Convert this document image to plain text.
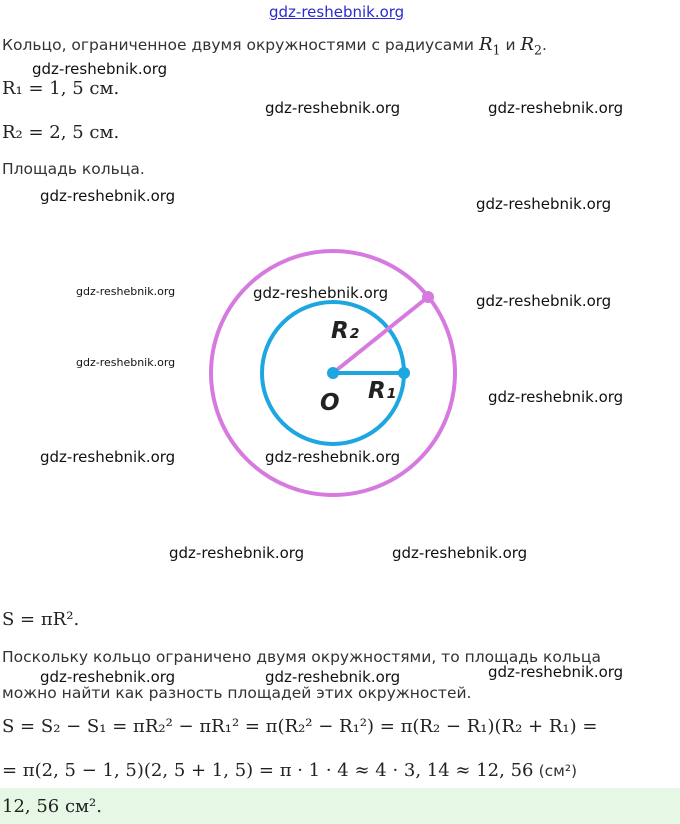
gdz-reshebnik.org
Кольцо, ограниченное двумя окружностями с радиусами $R_1$ и $R_2$.
gdz-reshebnik.org
R₁ = 1, 5 см.
gdz-reshebnik.org	gdz-reshebnik.org
R₂ = 2, 5 см.
Площадь кольца.
gdz-reshebnik.org	gdz-reshebnik.org
R₂
R₁
O
gdz-reshebnik.org	gdz-reshebnik.org	gdz-reshebnik.org
gdz-reshebnik.org
gdz-reshebnik.org
gdz-reshebnik.org	gdz-reshebnik.org
gdz-reshebnik.org	gdz-reshebnik.org
S = πR².
Поскольку кольцо ограничено двумя окружностями, то площадь кольца
gdz-reshebnik.org
можно найти как разность площадей этих окружностей.
gdz-reshebnik.org	gdz-reshebnik.org
S = S₂ − S₁ = πR₂² − πR₁² = π(R₂² − R₁²) = π(R₂ − R₁)(R₂ + R₁) =
= π(2, 5 − 1, 5)(2, 5 + 1, 5) = π · 1 · 4 ≈ 4 · 3, 14 ≈ 12, 56 (см²)
12, 56 см².
